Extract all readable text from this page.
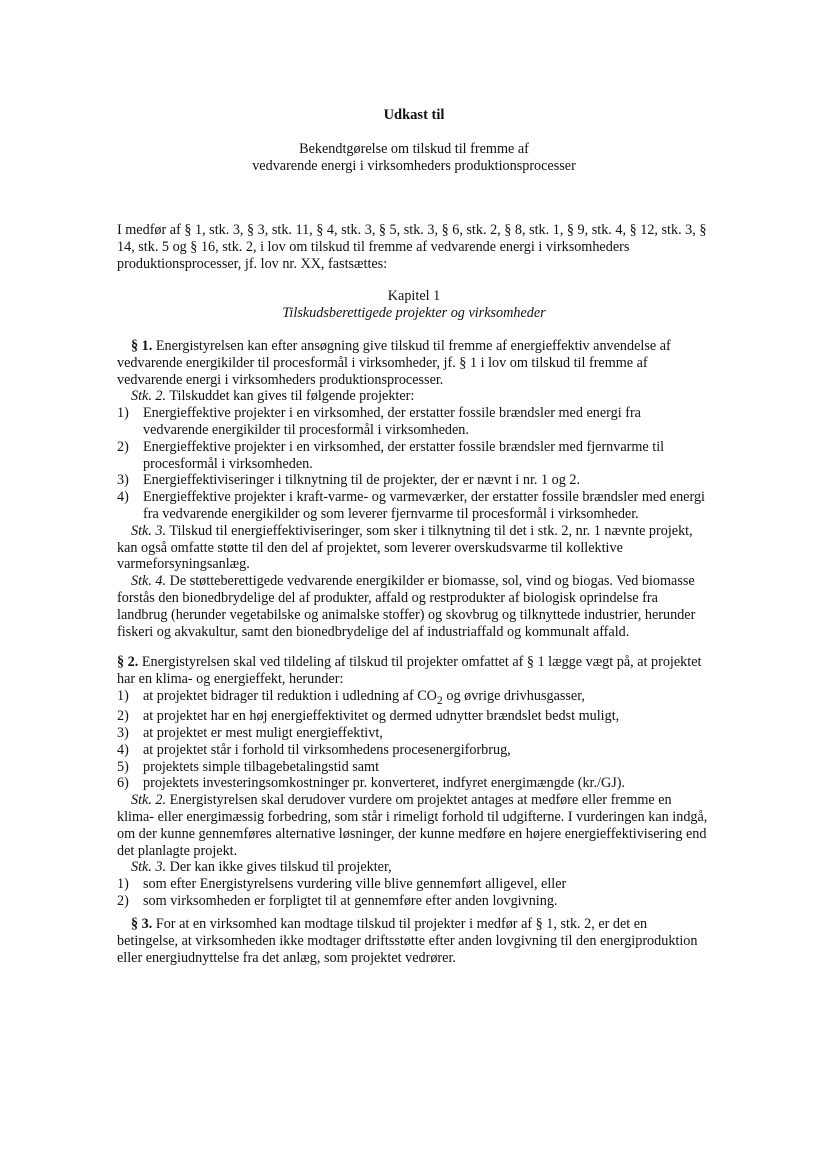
Udkast til
Bekendtgørelse om tilskud til fremme af
vedvarende energi i virksomheders produktionsprocesser
I medfør af § 1, stk. 3, § 3, stk. 11, § 4, stk. 3, § 5, stk. 3, § 6, stk. 2, § 8, stk. 1, § 9, stk. 4, § 12, stk. 3, § 14, stk. 5 og § 16, stk. 2, i lov om tilskud til fremme af vedvarende energi i virksomheders produktionsprocesser, jf. lov nr. XX, fastsættes:
Kapitel 1
Tilskudsberettigede projekter og virksomheder

§ 1. Energistyrelsen kan efter ansøgning give tilskud til fremme af energieffektiv anvendelse af vedvarende energikilder til procesformål i virksomheder, jf. § 1 i lov om tilskud til fremme af vedvarende energi i virksomheders produktionsprocesser.

Stk. 2. Tilskuddet kan gives til følgende projekter:

1) Energieffektive projekter i en virksomhed, der erstatter fossile brændsler med energi fra vedvarende energikilder til procesformål i virksomheden.

2) Energieffektive projekter i en virksomhed, der erstatter fossile brændsler med fjernvarme til procesformål i virksomheden.

3) Energieffektiviseringer i tilknytning til de projekter, der er nævnt i nr. 1 og 2.

4) Energieffektive projekter i kraft-varme- og varmeværker, der erstatter fossile brændsler med energi fra vedvarende energikilder og som leverer fjernvarme til procesformål i virksomheder.

Stk. 3. Tilskud til energieffektiviseringer, som sker i tilknytning til det i stk. 2, nr. 1 nævnte projekt, kan også omfatte støtte til den del af projektet, som leverer overskudsvarme til kollektive varmeforsyningsanlæg.

Stk. 4. De støtteberettigede vedvarende energikilder er biomasse, sol, vind og biogas. Ved biomasse forstås den bionedbrydelige del af produkter, affald og restprodukter af biologisk oprindelse fra landbrug (herunder vegetabilske og animalske stoffer) og skovbrug og tilknyttede industrier, herunder fiskeri og akvakultur, samt den bionedbrydelige del af industriaffald og kommunalt affald.

§ 2. Energistyrelsen skal ved tildeling af tilskud til projekter omfattet af § 1 lægge vægt på, at projektet har en klima- og energieffekt, herunder:

1) at projektet bidrager til reduktion i udledning af $CO_2$ og øvrige drivhusgasser,

2) at projektet har en høj energieffektivitet og dermed udnytter brændslet bedst muligt,

3) at projektet er mest muligt energieffektivt,

4) at projektet står i forhold til virksomhedens procesenergiforbrug,

5) projektets simple tilbagebetalingstid samt

6) projektets investeringsomkostninger pr. konverteret, indfyret energimængde (kr./GJ).

Stk. 2. Energistyrelsen skal derudover vurdere om projektet antages at medføre eller fremme en klima- eller energimæssig forbedring, som står i rimeligt forhold til udgifterne. I vurderingen kan indgå, om der kunne gennemføres alternative løsninger, der kunne medføre en højere energieffektivisering end det planlagte projekt.

Stk. 3. Der kan ikke gives tilskud til projekter,

1) som efter Energistyrelsens vurdering ville blive gennemført alligevel, eller

2) som virksomheden er forpligtet til at gennemføre efter anden lovgivning.

§ 3. For at en virksomhed kan modtage tilskud til projekter i medfør af § 1, stk. 2, er det en betingelse, at virksomheden ikke modtager driftsstøtte efter anden lovgivning til den energiproduktion eller energiudnyttelse fra det anlæg, som projektet vedrører.
